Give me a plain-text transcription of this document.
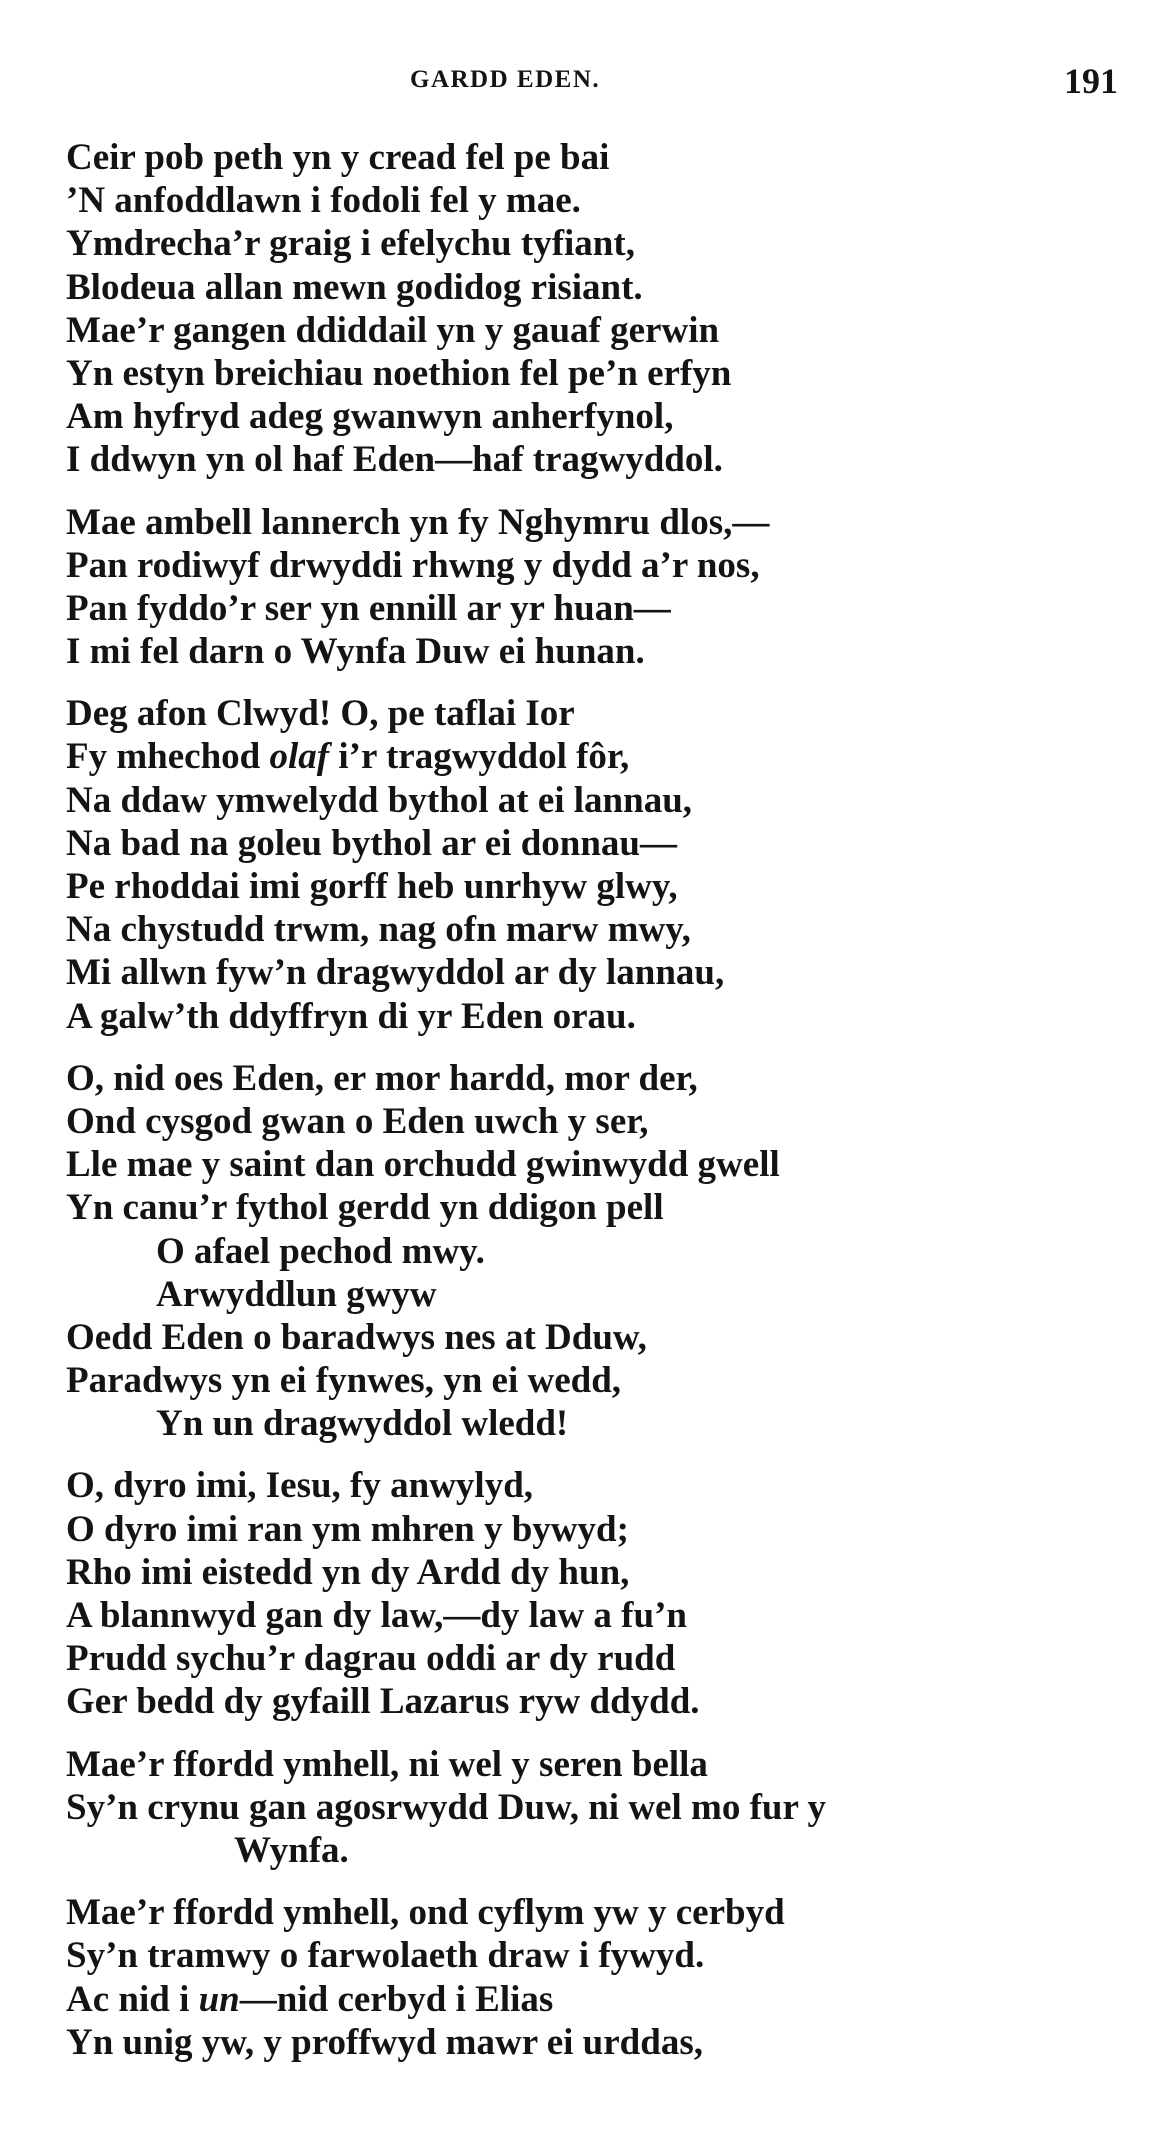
GARDD EDEN.	191
Ceir pob peth yn y cread fel pe bai
’N anfoddlawn i fodoli fel y mae.
Ymdrecha’r graig i efelychu tyfiant,
Blodeua allan mewn godidog risiant.
Mae’r gangen ddiddail yn y gauaf gerwin
Yn estyn breichiau noethion fel pe’n erfyn
Am hyfryd adeg gwanwyn anherfynol,
I ddwyn yn ol haf Eden—haf tragwyddol.
Mae ambell lannerch yn fy Nghymru dlos,—
Pan rodiwyf drwyddi rhwng y dydd a’r nos,
Pan fyddo’r ser yn ennill ar yr huan—
I mi fel darn o Wynfa Duw ei hunan.
Deg afon Clwyd! O, pe taflai Ior
Fy mhechod olaf i’r tragwyddol fôr,
Na ddaw ymwelydd bythol at ei lannau,
Na bad na goleu bythol ar ei donnau—
Pe rhoddai imi gorff heb unrhyw glwy,
Na chystudd trwm, nag ofn marw mwy,
Mi allwn fyw’n dragwyddol ar dy lannau,
A galw’th ddyffryn di yr Eden orau.
O, nid oes Eden, er mor hardd, mor der,
Ond cysgod gwan o Eden uwch y ser,
Lle mae y saint dan orchudd gwinwydd gwell
Yn canu’r fythol gerdd yn ddigon pell
O afael pechod mwy.
Arwyddlun gwyw
Oedd Eden o baradwys nes at Dduw,
Paradwys yn ei fynwes, yn ei wedd,
Yn un dragwyddol wledd!
O, dyro imi, Iesu, fy anwylyd,
O dyro imi ran ym mhren y bywyd;
Rho imi eistedd yn dy Ardd dy hun,
A blannwyd gan dy law,—dy law a fu’n
Prudd sychu’r dagrau oddi ar dy rudd
Ger bedd dy gyfaill Lazarus ryw ddydd.
Mae’r ffordd ymhell, ni wel y seren bella
Sy’n crynu gan agosrwydd Duw, ni wel mo fur y
Wynfa.
Mae’r ffordd ymhell, ond cyflym yw y cerbyd
Sy’n tramwy o farwolaeth draw i fywyd.
Ac nid i un—nid cerbyd i Elias
Yn unig yw, y proffwyd mawr ei urddas,
